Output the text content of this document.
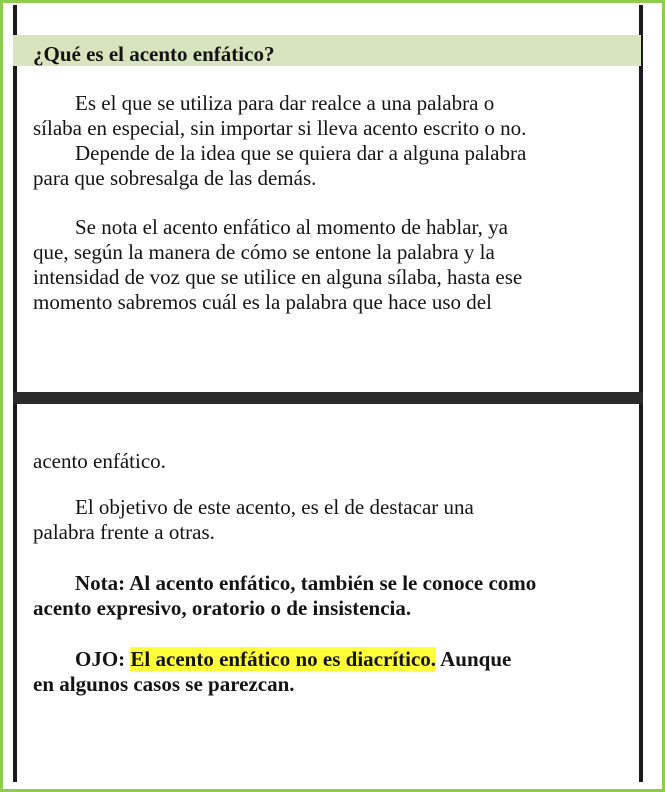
¿Qué es el acento enfático?

Es el que se utiliza para dar realce a una palabra o

sílaba en especial, sin importar si lleva acento escrito o no.

Depende de la idea que se quiera dar a alguna palabra

para que sobresalga de las demás.

Se nota el acento enfático al momento de hablar, ya

que, según la manera de cómo se entone la palabra y la

intensidad de voz que se utilice en alguna sílaba, hasta ese

momento sabremos cuál es la palabra que hace uso del

acento enfático.

El objetivo de este acento, es el de destacar una

palabra frente a otras.

Nota: Al acento enfático, también se le conoce como

acento expresivo, oratorio o de insistencia.

OJO: El acento enfático no es diacrítico. Aunque

en algunos casos se parezcan.
